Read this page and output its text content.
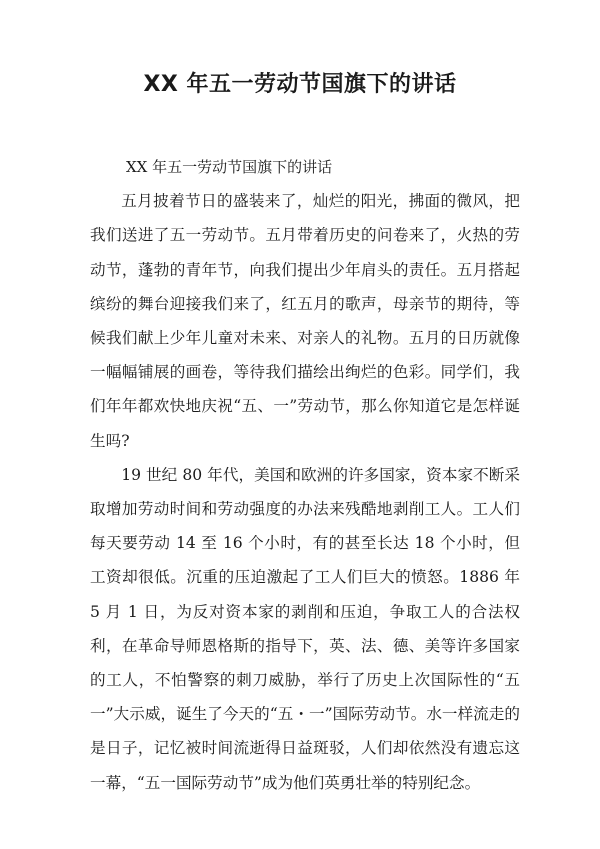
XX 年五一劳动节国旗下的讲话

XX 年五一劳动节国旗下的讲话

五月披着节日的盛装来了，灿烂的阳光，拂面的微风，把我们送进了五一劳动节。五月带着历史的问卷来了，火热的劳动节，蓬勃的青年节，向我们提出少年肩头的责任。五月搭起缤纷的舞台迎接我们来了，红五月的歌声，母亲节的期待，等候我们献上少年儿童对未来、对亲人的礼物。五月的日历就像一幅幅铺展的画卷，等待我们描绘出绚烂的色彩。同学们，我们年年都欢快地庆祝“五、一”劳动节，那么你知道它是怎样诞生吗?

19 世纪 80 年代，美国和欧洲的许多国家，资本家不断采取增加劳动时间和劳动强度的办法来残酷地剥削工人。工人们每天要劳动 14 至 16 个小时，有的甚至长达 18 个小时，但工资却很低。沉重的压迫激起了工人们巨大的愤怒。1886 年 5 月 1 日，为反对资本家的剥削和压迫，争取工人的合法权利，在革命导师恩格斯的指导下，英、法、德、美等许多国家的工人，不怕警察的刺刀威胁，举行了历史上次国际性的“五一”大示威，诞生了今天的“五・一”国际劳动节。水一样流走的是日子，记忆被时间流逝得日益斑驳，人们却依然没有遗忘这一幕，“五一国际劳动节”成为他们英勇壮举的特别纪念。
